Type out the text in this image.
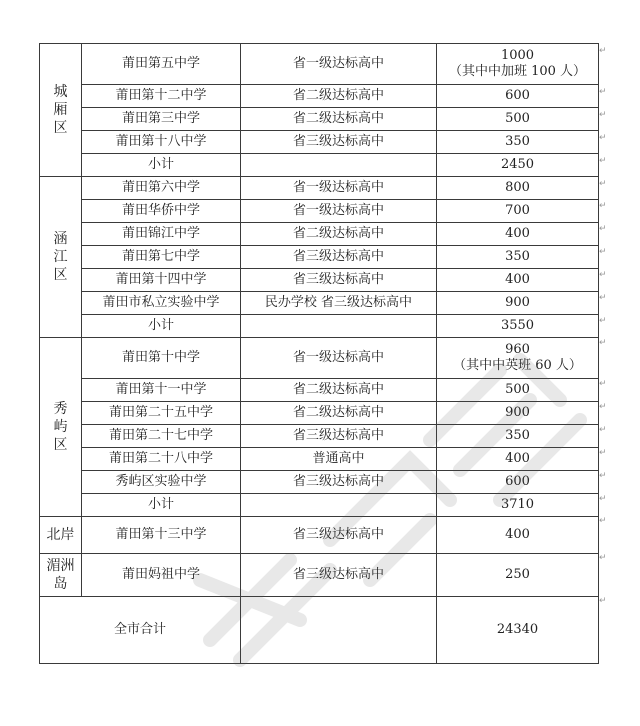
城
厢
区	莆田第五中学	省一级达标高中	1000
（其中中加班 100 人）

	莆田第十二中学	省二级达标高中	600
	莆田第三中学	省二级达标高中	500
	莆田第十八中学	省三级达标高中	350
	小计		2450

涵
江
区	莆田第六中学	省一级达标高中	800
	莆田华侨中学	省一级达标高中	700
	莆田锦江中学	省二级达标高中	400
	莆田第七中学	省三级达标高中	350
	莆田第十四中学	省三级达标高中	400
	莆田市私立实验中学	民办学校 省三级达标高中	900
	小计		3550

秀
屿
区	莆田第十中学	省一级达标高中	960
（其中中英班 60 人）

	莆田第十一中学	省二级达标高中	500
	莆田第二十五中学	省二级达标高中	900
	莆田第二十七中学	省三级达标高中	350
	莆田第二十八中学	普通高中	400
	秀屿区实验中学	省三级达标高中	600
	小计		3710

北岸	莆田第十三中学	省三级达标高中	400

湄洲
岛	莆田妈祖中学	省三级达标高中	250
全市合计			24340
↵
↵
↵
↵
↵
↵
↵
↵
↵
↵
↵
↵
↵
↵
↵
↵
↵
↵
↵
↵
↵
↵
